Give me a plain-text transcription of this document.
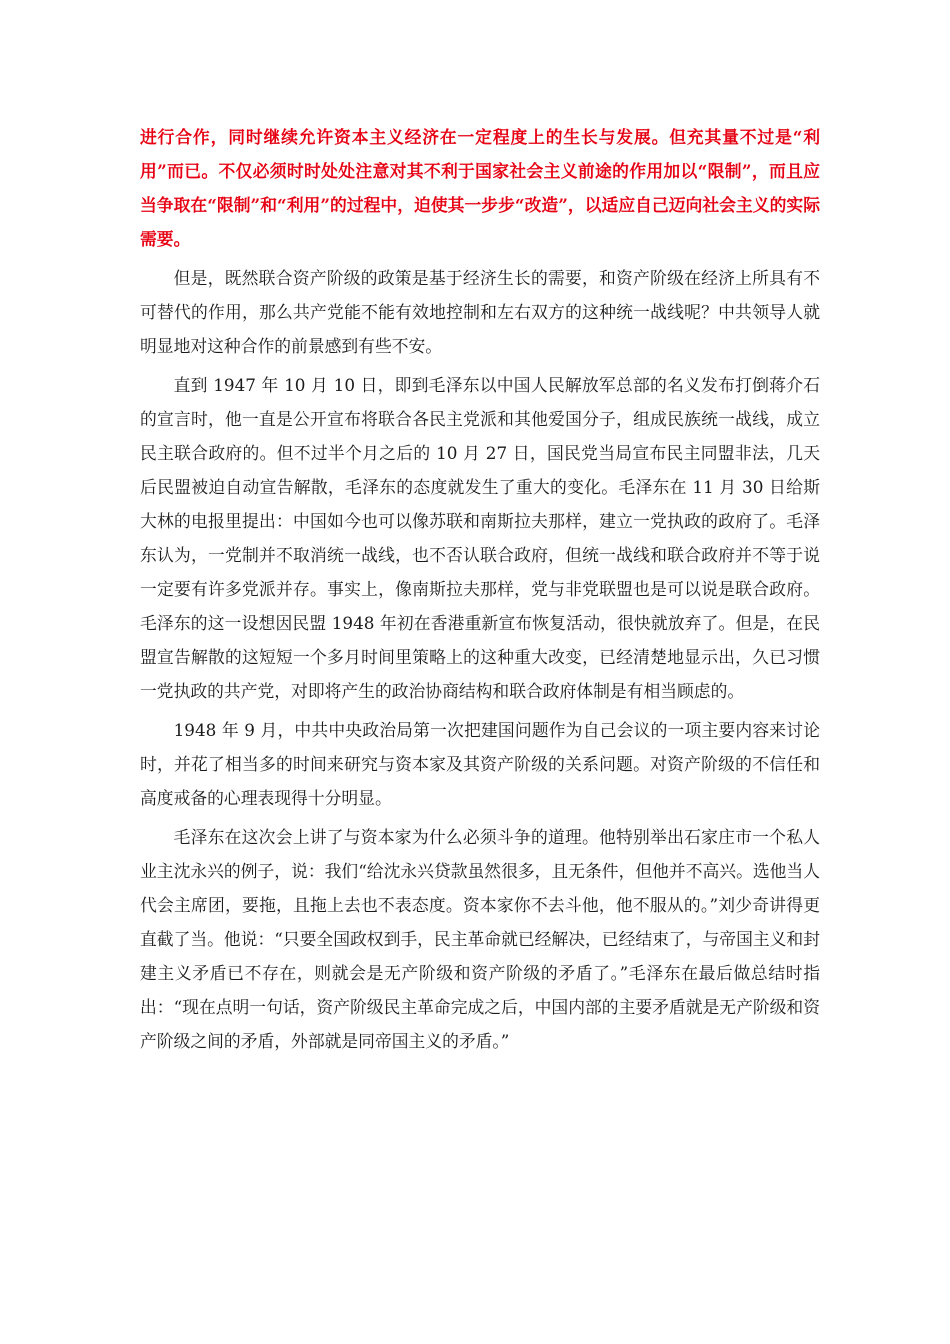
进行合作，同时继续允许资本主义经济在一定程度上的生长与发展。但充其量不过是“利用”而已。不仅必须时时处处注意对其不利于国家社会主义前途的作用加以“限制”，而且应当争取在“限制”和“利用”的过程中，迫使其一步步“改造”，以适应自己迈向社会主义的实际需要。

但是，既然联合资产阶级的政策是基于经济生长的需要，和资产阶级在经济上所具有不可替代的作用，那么共产党能不能有效地控制和左右双方的这种统一战线呢？中共领导人就明显地对这种合作的前景感到有些不安。

直到 1947 年 10 月 10 日，即到毛泽东以中国人民解放军总部的名义发布打倒蒋介石的宣言时，他一直是公开宣布将联合各民主党派和其他爱国分子，组成民族统一战线，成立民主联合政府的。但不过半个月之后的 10 月 27 日，国民党当局宣布民主同盟非法，几天后民盟被迫自动宣告解散，毛泽东的态度就发生了重大的变化。毛泽东在 11 月 30 日给斯大林的电报里提出：中国如今也可以像苏联和南斯拉夫那样，建立一党执政的政府了。毛泽东认为，一党制并不取消统一战线，也不否认联合政府，但统一战线和联合政府并不等于说一定要有许多党派并存。事实上，像南斯拉夫那样，党与非党联盟也是可以说是联合政府。毛泽东的这一设想因民盟 1948 年初在香港重新宣布恢复活动，很快就放弃了。但是，在民盟宣告解散的这短短一个多月时间里策略上的这种重大改变，已经清楚地显示出，久已习惯一党执政的共产党，对即将产生的政治协商结构和联合政府体制是有相当顾虑的。

1948 年 9 月，中共中央政治局第一次把建国问题作为自己会议的一项主要内容来讨论时，并花了相当多的时间来研究与资本家及其资产阶级的关系问题。对资产阶级的不信任和高度戒备的心理表现得十分明显。

毛泽东在这次会上讲了与资本家为什么必须斗争的道理。他特别举出石家庄市一个私人业主沈永兴的例子，说：我们“给沈永兴贷款虽然很多，且无条件，但他并不高兴。选他当人代会主席团，要拖，且拖上去也不表态度。资本家你不去斗他，他不服从的。”刘少奇讲得更直截了当。他说：“只要全国政权到手，民主革命就已经解决，已经结束了，与帝国主义和封建主义矛盾已不存在，则就会是无产阶级和资产阶级的矛盾了。”毛泽东在最后做总结时指出：“现在点明一句话，资产阶级民主革命完成之后，中国内部的主要矛盾就是无产阶级和资产阶级之间的矛盾，外部就是同帝国主义的矛盾。”
